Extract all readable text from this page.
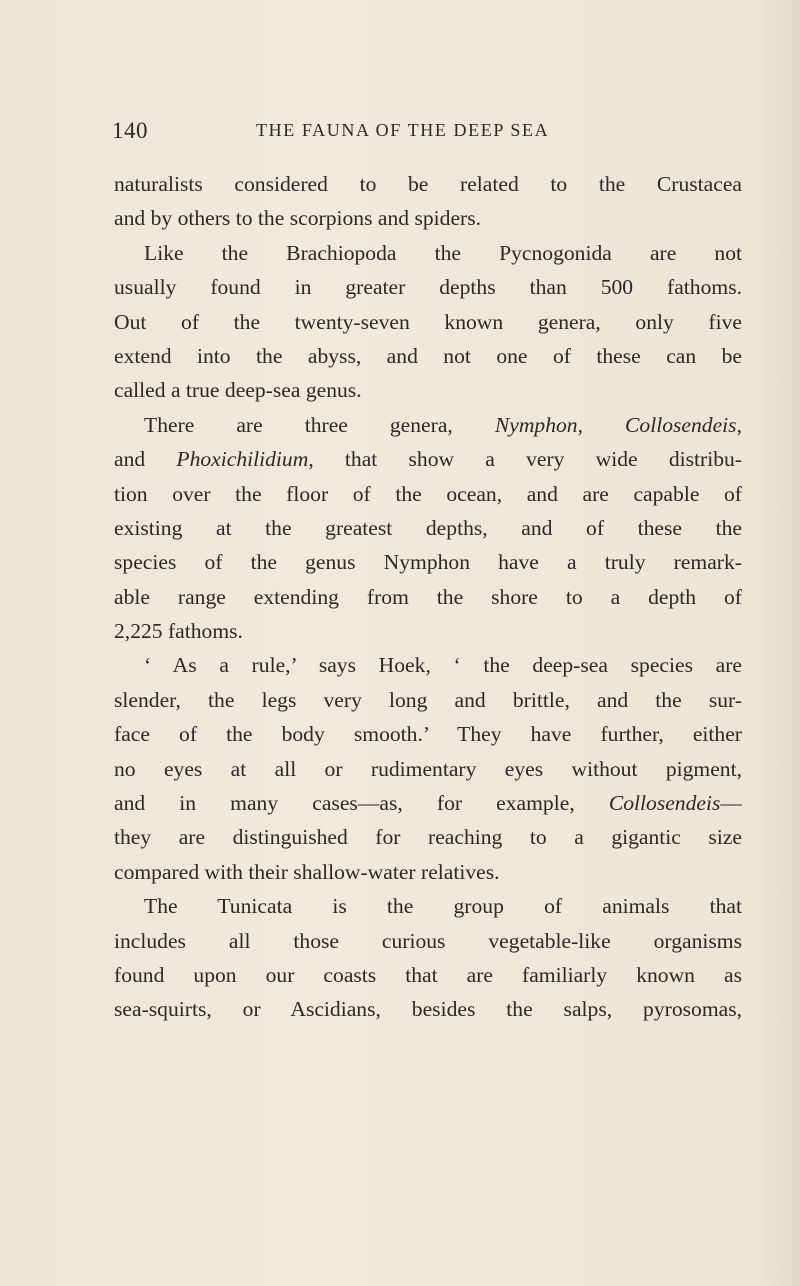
140	THE FAUNA OF THE DEEP SEA
naturalists considered to be related to the Crustacea
and by others to the scorpions and spiders.
Like the Brachiopoda the Pycnogonida are not
usually found in greater depths than 500 fathoms.
Out of the twenty-seven known genera, only five
extend into the abyss, and not one of these can be
called a true deep-sea genus.
There are three genera, Nymphon, Collosendeis,
and Phoxichilidium, that show a very wide distribu-
tion over the floor of the ocean, and are capable of
existing at the greatest depths, and of these the
species of the genus Nymphon have a truly remark-
able range extending from the shore to a depth of
2,225 fathoms.
‘ As a rule,’ says Hoek, ‘ the deep-sea species are
slender, the legs very long and brittle, and the sur-
face of the body smooth.’ They have further, either
no eyes at all or rudimentary eyes without pigment,
and in many cases—as, for example, Collosendeis—
they are distinguished for reaching to a gigantic size
compared with their shallow-water relatives.
The Tunicata is the group of animals that
includes all those curious vegetable-like organisms
found upon our coasts that are familiarly known as
sea-squirts, or Ascidians, besides the salps, pyrosomas,
